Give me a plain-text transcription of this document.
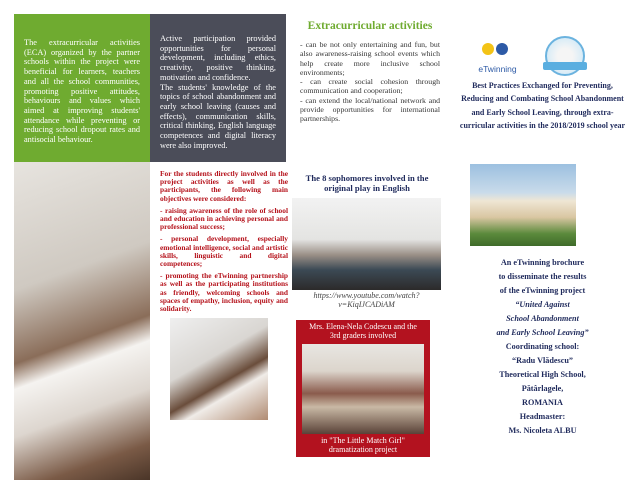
The extracurricular activities (ECA) organized by the partner schools within the project were beneficial for learners, teachers and all the school communities, promoting positive attitudes, behaviours and values which aimed at improving students' attendance while preventing or reducing school dropout rates and antisocial behaviour.

Active participation provided opportunities for personal development, including ethics, creativity, positive thinking, motivation and confidence.

The students' knowledge of the topics of school abandonment and early school leaving (causes and effects), communication skills, critical thinking, English language competences and digital literacy were also improved.

For the students directly involved in the project activities as well as the participants, the following main objectives were considered:

- raising awareness of the role of school and education in achieving personal and professional success;

- personal development, especially emotional intelligence, social and artistic skills, linguistic and digital competences;

- promoting the eTwinning partnership as well as the participating institutions as friendly, welcoming schools and spaces of empathy, inclusion, equity and solidarity.

Extracurricular activities

- can be not only entertaining and fun, but also awareness-raising school events which help create more inclusive school environments;

- can create social cohesion through communication and cooperation;

- can extend the local/national network and provide opportunities for international partnerships.

The 8 sophomores involved in the original play in English
https://www.youtube.com/watch?v=KiqIJCADiAM
Mrs. Elena-Nela Codescu and the 3rd graders involved
in "The Little Match Girl" dramatization project
eTwinning
Best Practices Exchanged for Preventing, Reducing and Combating School Abandonment and Early School Leaving, through extra-curricular activities in the 2018/2019 school year
An eTwinning brochure
to disseminate the results
of the eTwinning project
“United Against
School Abandonment
and Early School Leaving”
Coordinating school:
“Radu Vlădescu”
Theoretical High School,
Pătârlagele,
ROMANIA
Headmaster:
Ms. Nicoleta ALBU
